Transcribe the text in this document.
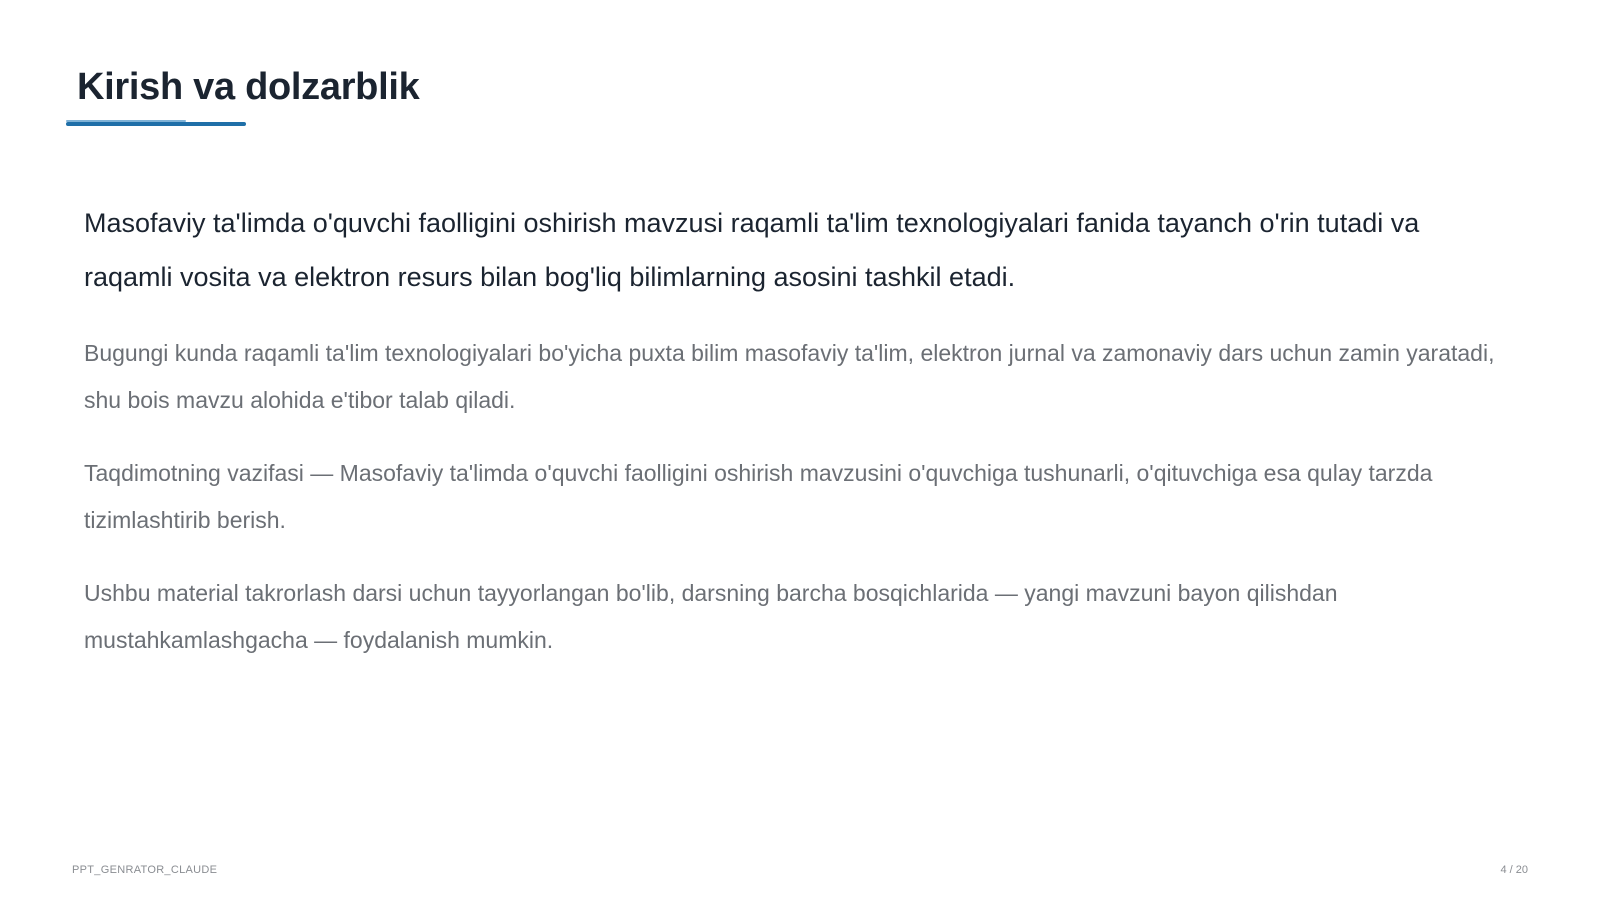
Kirish va dolzarblik

Masofaviy ta'limda o'quvchi faolligini oshirish mavzusi raqamli ta'lim texnologiyalari fanida tayanch o'rin tutadi va raqamli vosita va elektron resurs bilan bog'liq bilimlarning asosini tashkil etadi.

Bugungi kunda raqamli ta'lim texnologiyalari bo'yicha puxta bilim masofaviy ta'lim, elektron jurnal va zamonaviy dars uchun zamin yaratadi, shu bois mavzu alohida e'tibor talab qiladi.

Taqdimotning vazifasi — Masofaviy ta'limda o'quvchi faolligini oshirish mavzusini o'quvchiga tushunarli, o'qituvchiga esa qulay tarzda tizimlashtirib berish.

Ushbu material takrorlash darsi uchun tayyorlangan bo'lib, darsning barcha bosqichlarida — yangi mavzuni bayon qilishdan mustahkamlashgacha — foydalanish mumkin.

PPT_GENRATOR_CLAUDE	4 / 20
